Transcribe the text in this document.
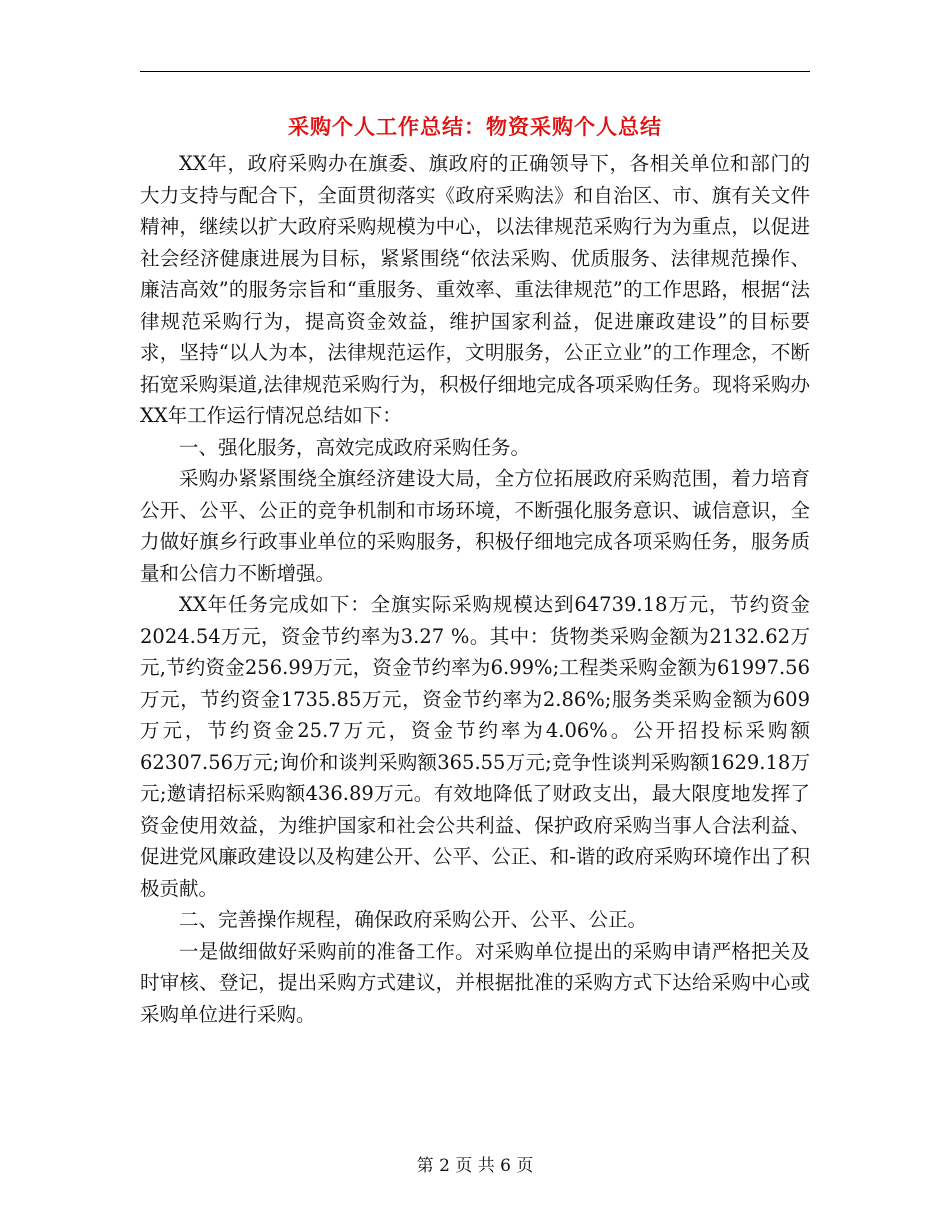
采购个人工作总结：物资采购个人总结

XX年，政府采购办在旗委、旗政府的正确领导下，各相关单位和部门的大力支持与配合下，全面贯彻落实《政府采购法》和自治区、市、旗有关文件精神，继续以扩大政府采购规模为中心，以法律规范采购行为为重点，以促进社会经济健康进展为目标，紧紧围绕“依法采购、优质服务、法律规范操作、廉洁高效”的服务宗旨和“重服务、重效率、重法律规范”的工作思路，根据“法律规范采购行为，提高资金效益，维护国家利益，促进廉政建设”的目标要求，坚持“以人为本，法律规范运作，文明服务，公正立业”的工作理念，不断拓宽采购渠道,法律规范采购行为，积极仔细地完成各项采购任务。现将采购办XX年工作运行情况总结如下：

一、强化服务，高效完成政府采购任务。

采购办紧紧围绕全旗经济建设大局，全方位拓展政府采购范围，着力培育公开、公平、公正的竞争机制和市场环境，不断强化服务意识、诚信意识，全力做好旗乡行政事业单位的采购服务，积极仔细地完成各项采购任务，服务质量和公信力不断增强。

XX年任务完成如下：全旗实际采购规模达到64739.18万元，节约资金2024.54万元，资金节约率为3.27 %。其中：货物类采购金额为2132.62万元,节约资金256.99万元，资金节约率为6.99%;工程类采购金额为61997.56万元，节约资金1735.85万元，资金节约率为2.86%;服务类采购金额为609万元，节约资金25.7万元，资金节约率为4.06%。公开招投标采购额62307.56万元;询价和谈判采购额365.55万元;竞争性谈判采购额1629.18万元;邀请招标采购额436.89万元。有效地降低了财政支出，最大限度地发挥了资金使用效益，为维护国家和社会公共利益、保护政府采购当事人合法利益、促进党风廉政建设以及构建公开、公平、公正、和-谐的政府采购环境作出了积极贡献。

二、完善操作规程，确保政府采购公开、公平、公正。

一是做细做好采购前的准备工作。对采购单位提出的采购申请严格把关及时审核、登记，提出采购方式建议，并根据批准的采购方式下达给采购中心或采购单位进行采购。

第 2 页 共 6 页
